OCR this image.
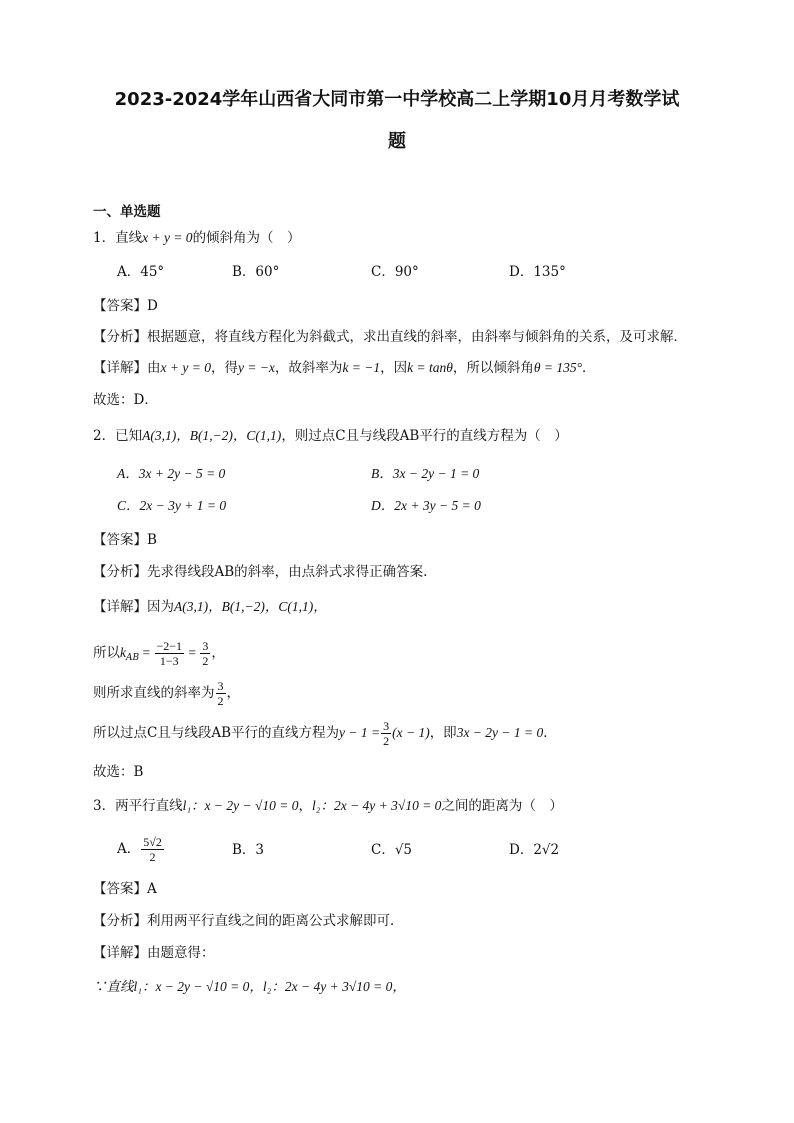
2023-2024学年山西省大同市第一中学校高二上学期10月月考数学试
题
一、单选题
1．直线x + y = 0的倾斜角为（　）
A．45°	B．60°	C．90°	D．135°
【答案】D
【分析】根据题意，将直线方程化为斜截式，求出直线的斜率，由斜率与倾斜角的关系，及可求解．
【详解】由x + y = 0，得y = −x，故斜率为k = −1，因k = tanθ，所以倾斜角θ = 135°．
故选：D．
2．已知A(3,1)，B(1,−2)，C(1,1)，则过点C且与线段AB平行的直线方程为（　）
A．3x + 2y − 5 = 0	B．3x − 2y − 1 = 0
C．2x − 3y + 1 = 0	D．2x + 3y − 5 = 0
【答案】B
【分析】先求得线段AB的斜率，由点斜式求得正确答案.
【详解】因为A(3,1)，B(1,−2)，C(1,1)，
所以$k_{AB} = \frac{-2-1}{1-3} = \frac{3}{2}$ ，
则所求直线的斜率为 $\frac{3}{2}$ ，
所以过点C且与线段AB平行的直线方程为$y - 1 = \frac{3}{2} (x - 1)$，即3x − 2y − 1 = 0．
故选：B
3．两平行直线l₁：x − 2y − √10 = 0，l₂：2x − 4y + 3√10 = 0之间的距离为（　）
A． $\frac{5√2}{2}$	B．3	C．√5	D．2√2
【答案】A
【分析】利用两平行直线之间的距离公式求解即可．
【详解】由题意得：
∵直线l₁：x − 2y − √10 = 0，l₂：2x − 4y + 3√10 = 0，
